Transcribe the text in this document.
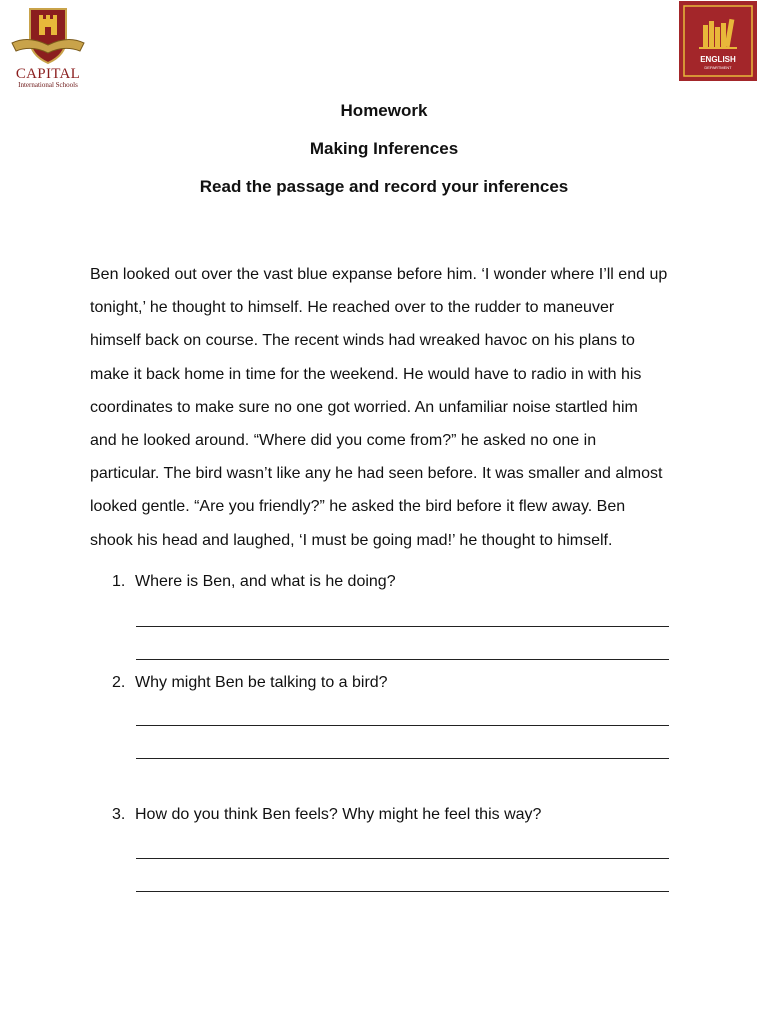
CAPITAL
International Schools
ENGLISH
DEPARTMENT

Homework

Making Inferences

Read the passage and record your inferences

Ben looked out over the vast blue expanse before him. ‘I wonder where I’ll end up
tonight,’ he thought to himself. He reached over to the rudder to maneuver
himself back on course. The recent winds had wreaked havoc on his plans to
make it back home in time for the weekend. He would have to radio in with his
coordinates to make sure no one got worried. An unfamiliar noise startled him
and he looked around. “Where did you come from?” he asked no one in
particular. The bird wasn’t like any he had seen before. It was smaller and almost
looked gentle. “Are you friendly?” he asked the bird before it flew away. Ben
shook his head and laughed, ‘I must be going mad!’ he thought to himself.
1. Where is Ben, and what is he doing?
2. Why might Ben be talking to a bird?
3. How do you think Ben feels? Why might he feel this way?
